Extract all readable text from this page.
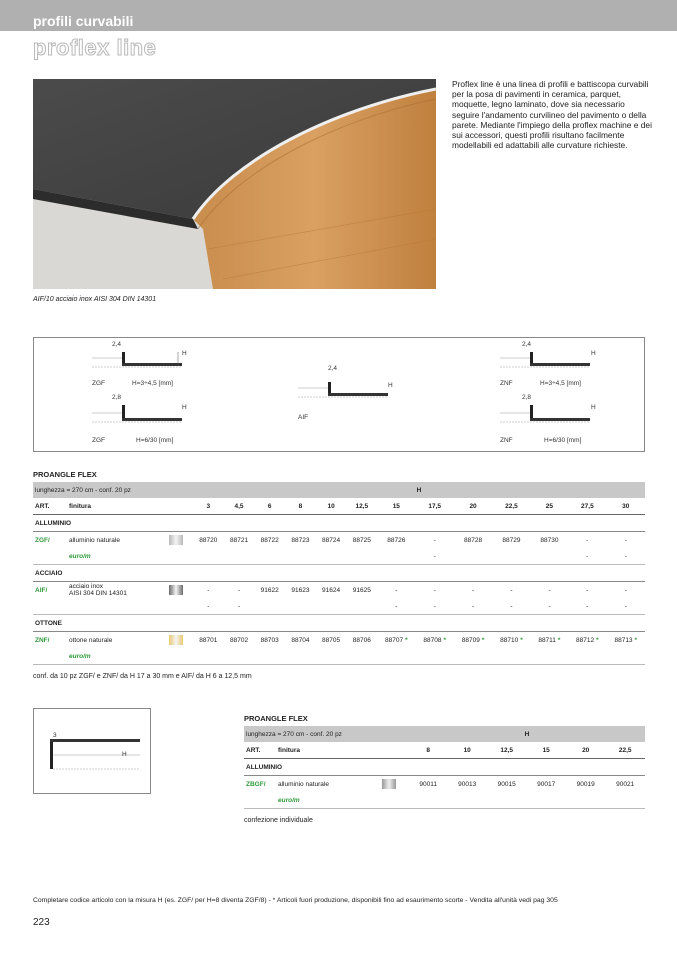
profili curvabili
proflex line
AIF/10 acciaio inox AISI 304 DIN 14301
Proflex line è una linea di profili e battiscopa curvabili per la posa di pavimenti in ceramica, parquet, moquette, legno laminato, dove sia necessario seguire l'andamento curvilineo del pavimento o della parete. Mediante l'impiego della proflex machine e dei sui accessori, questi profili risultano facilmente modellabili ed adattabili alle curvature richieste.
2,4
H
ZGF	H=3÷4,5 [mm]
2,8
H
ZGF	H=6/30 [mm]
2,4
H
AIF
2,4
H
ZNF	H=3÷4,5 [mm]
2,8
H
ZNF	H=6/30 [mm]
PROANGLE FLEX
lunghezza = 270 cm - conf. 20 pz			H												
ART.	finitura		3	4,5	6	8	10	12,5	15	17,5	20	22,5	25	27,5	30
ALLUMINIO															
ZGF/	alluminio naturale		88720	88721	88722	88723	88724	88725	88726	-	88728	88729	88730	-	-
	euro/m									-				-	-
ACCIAIO															
AIF/	acciaio inox
AISI 304 DIN 14301		-	-	91622	91623	91624	91625	-	-	-	-	-	-	-
			-	-					-	-	-	-	-	-	-
OTTONE															
ZNF/	ottone naturale		88701	88702	88703	88704	88705	88706	88707 *	88708 *	88709 *	88710 *	88711 *	88712 *	88713 *
	euro/m														
conf. da 10 pz ZGF/ e ZNF/ da H 17 a 30 mm e AIF/ da H 6 a 12,5 mm
3
H
PROANGLE FLEX
lunghezza = 270 cm - conf. 20 pz			H					
ART.	finitura		8	10	12,5	15	20	22,5
ALLUMINIO								
ZBGF/	alluminio naturale		90011	90013	90015	90017	90019	90021
	euro/m							
confezione individuale
Completare codice articolo con la misura H (es. ZGF/ per H=8 diventa ZGF/8) - * Articoli fuori produzione, disponibili fino ad esaurimento scorte - Vendita all'unità vedi pag 305
223
